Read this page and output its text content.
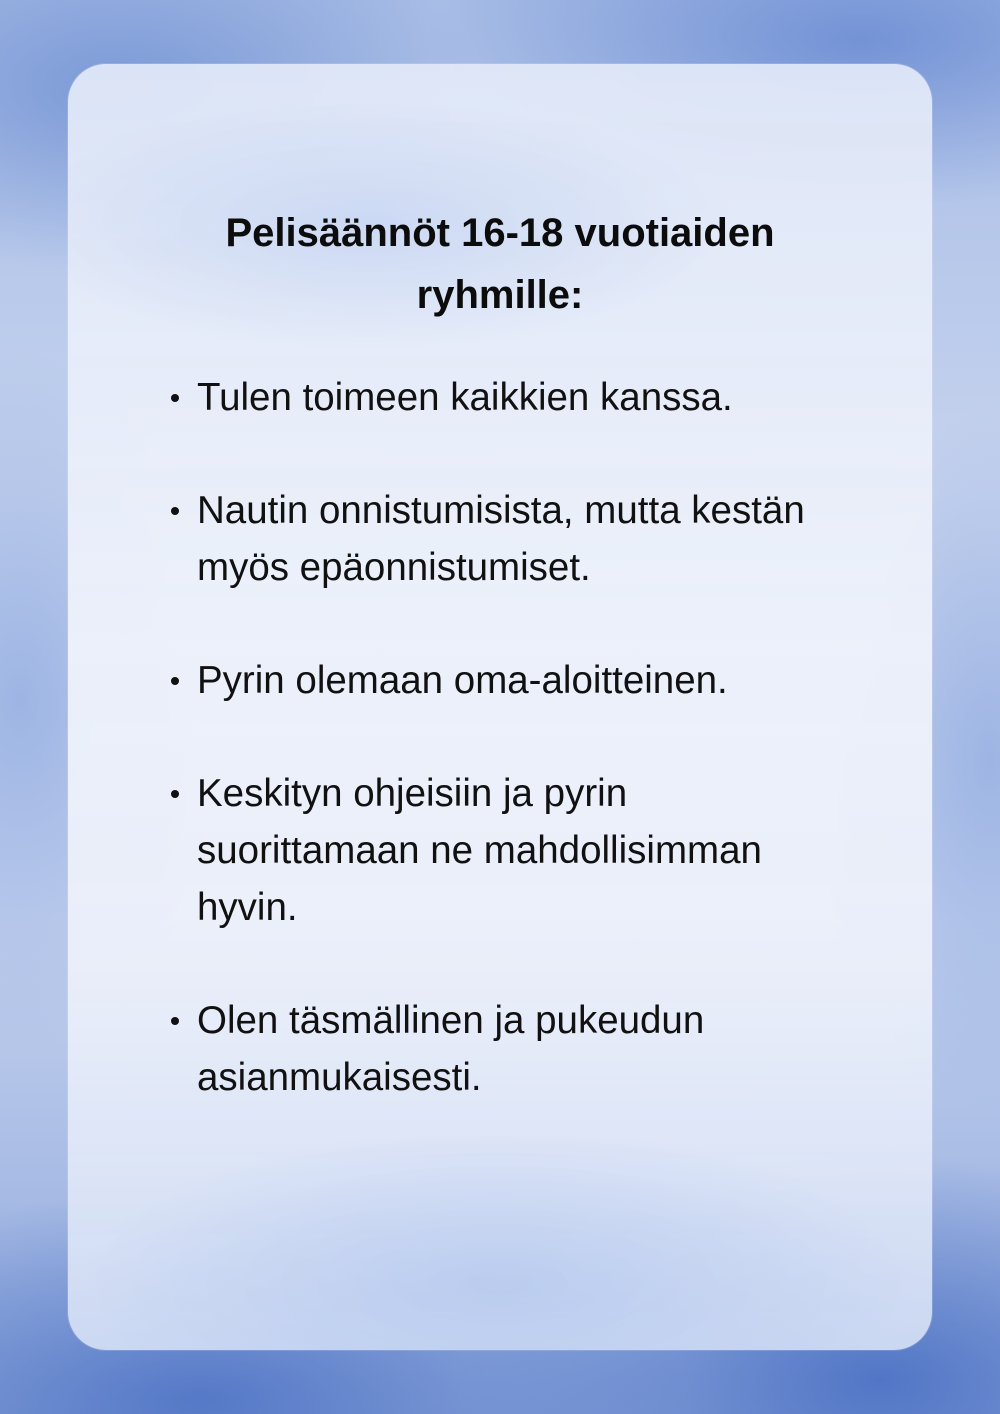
Pelisäännöt 16-18 vuotiaiden
ryhmille:
Tulen toimeen kaikkien kanssa.
Nautin onnistumisista, mutta kestän
myös epäonnistumiset.
Pyrin olemaan oma-aloitteinen.
Keskityn ohjeisiin ja pyrin
suorittamaan ne mahdollisimman
hyvin.
Olen täsmällinen ja pukeudun
asianmukaisesti.
